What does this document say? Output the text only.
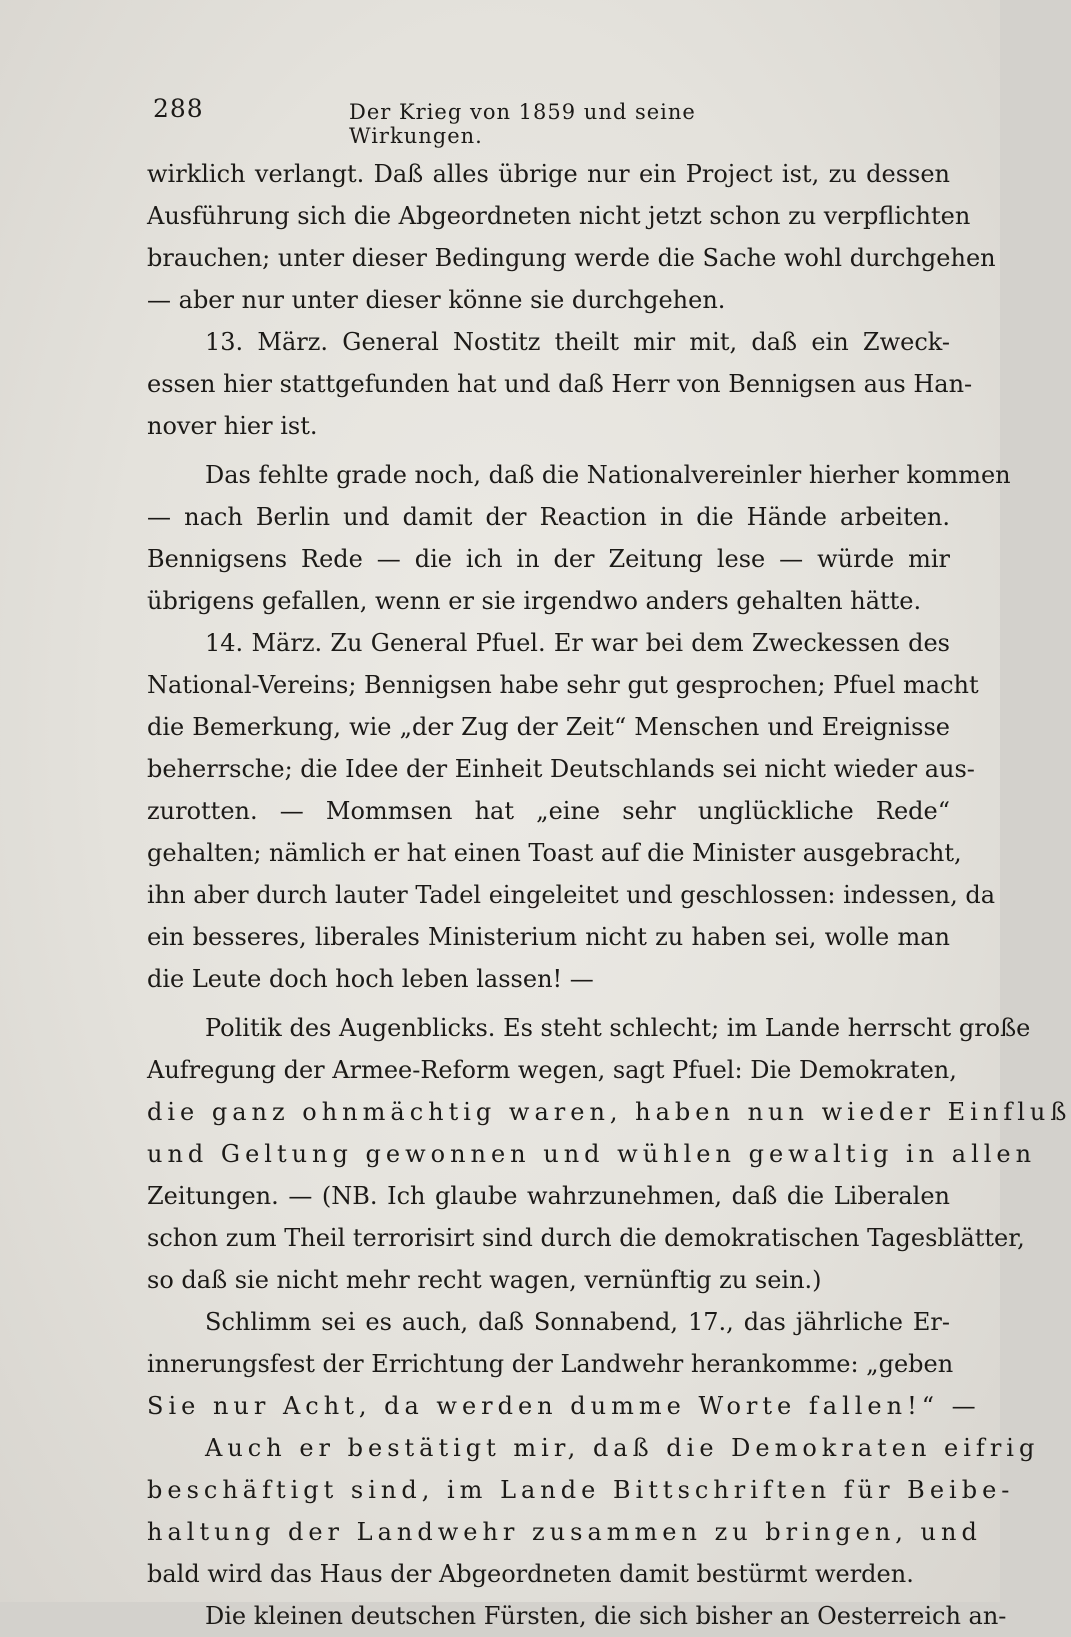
288	Der Krieg von 1859 und seine Wirkungen.
wirklich verlangt. Daß alles übrige nur ein Project ist, zu dessen
Ausführung sich die Abgeordneten nicht jetzt schon zu verpflichten
brauchen; unter dieser Bedingung werde die Sache wohl durchgehen
— aber nur unter dieser könne sie durchgehen.
13. März. General Nostitz theilt mir mit, daß ein Zweck-
essen hier stattgefunden hat und daß Herr von Bennigsen aus Han-
nover hier ist.
Das fehlte grade noch, daß die Nationalvereinler hierher kommen
— nach Berlin und damit der Reaction in die Hände arbeiten.
Bennigsens Rede — die ich in der Zeitung lese — würde mir
übrigens gefallen, wenn er sie irgendwo anders gehalten hätte.
14. März. Zu General Pfuel. Er war bei dem Zweckessen des
National-Vereins; Bennigsen habe sehr gut gesprochen; Pfuel macht
die Bemerkung, wie „der Zug der Zeit“ Menschen und Ereignisse
beherrsche; die Idee der Einheit Deutschlands sei nicht wieder aus-
zurotten. — Mommsen hat „eine sehr unglückliche Rede“
gehalten; nämlich er hat einen Toast auf die Minister ausgebracht,
ihn aber durch lauter Tadel eingeleitet und geschlossen: indessen, da
ein besseres, liberales Ministerium nicht zu haben sei, wolle man
die Leute doch hoch leben lassen! —
Politik des Augenblicks. Es steht schlecht; im Lande herrscht große
Aufregung der Armee-Reform wegen, sagt Pfuel: Die Demokraten,
die ganz ohnmächtig waren, haben nun wieder Einfluß
und Geltung gewonnen und wühlen gewaltig in allen
Zeitungen. — (NB. Ich glaube wahrzunehmen, daß die Liberalen
schon zum Theil terrorisirt sind durch die demokratischen Tagesblätter,
so daß sie nicht mehr recht wagen, vernünftig zu sein.)
Schlimm sei es auch, daß Sonnabend, 17., das jährliche Er-
innerungsfest der Errichtung der Landwehr herankomme: „geben
Sie nur Acht, da werden dumme Worte fallen!“ —
Auch er bestätigt mir, daß die Demokraten eifrig
beschäftigt sind, im Lande Bittschriften für Beibe-
haltung der Landwehr zusammen zu bringen, und
bald wird das Haus der Abgeordneten damit bestürmt werden.
Die kleinen deutschen Fürsten, die sich bisher an Oesterreich an-
